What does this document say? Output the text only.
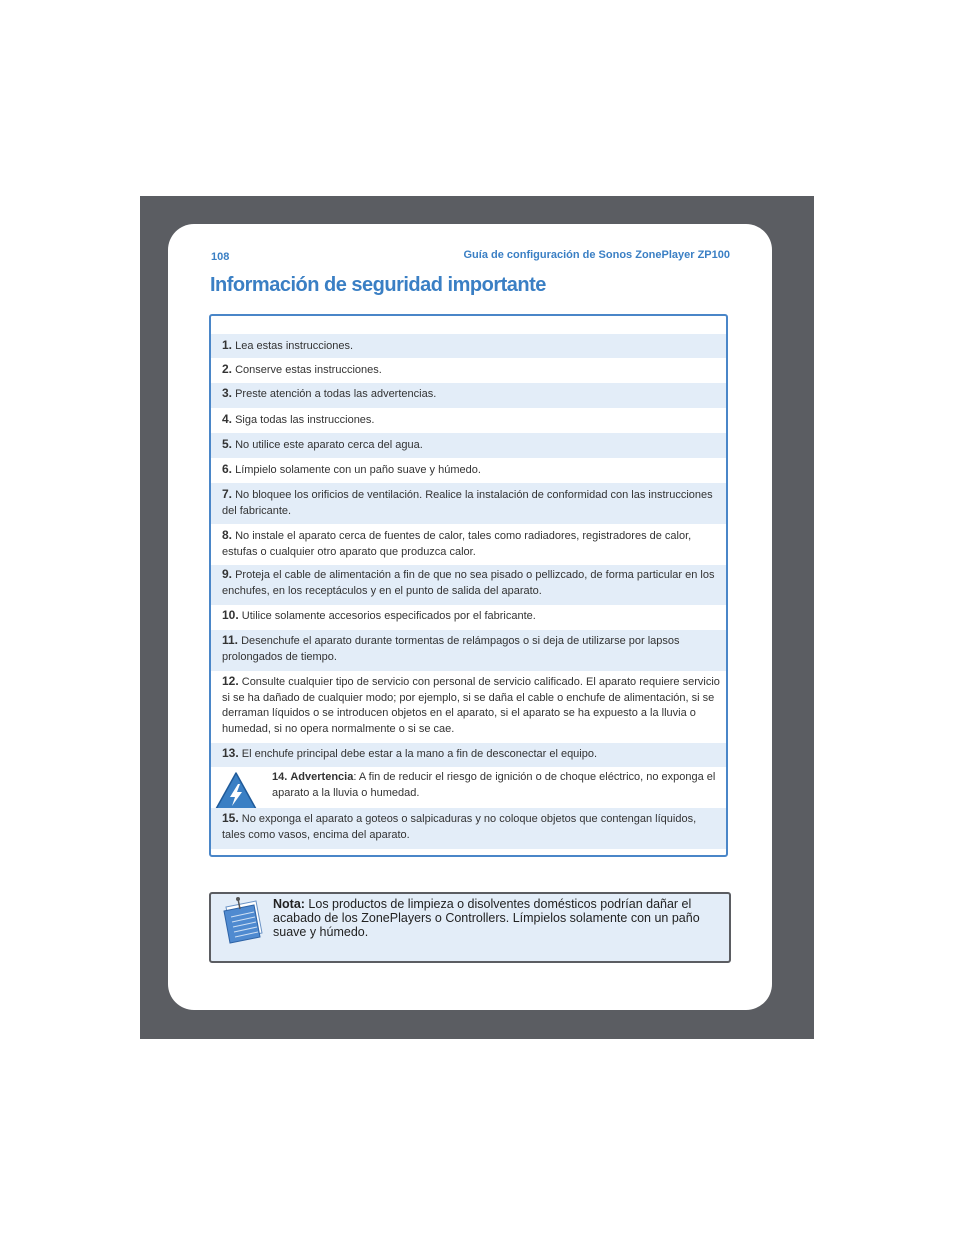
108	Guía de configuración de Sonos ZonePlayer ZP100
Información de seguridad importante
1. Lea estas instrucciones.
2. Conserve estas instrucciones.
3. Preste atención a todas las advertencias.
4. Siga todas las instrucciones.
5. No utilice este aparato cerca del agua.
6. Límpielo solamente con un paño suave y húmedo.
7. No bloquee los orificios de ventilación. Realice la instalación de conformidad con las instrucciones del fabricante.
8. No instale el aparato cerca de fuentes de calor, tales como radiadores, registradores de calor, estufas o cualquier otro aparato que produzca calor.
9. Proteja el cable de alimentación a fin de que no sea pisado o pellizcado, de forma particular en los enchufes, en los receptáculos y en el punto de salida del aparato.
10. Utilice solamente accesorios especificados por el fabricante.
11. Desenchufe el aparato durante tormentas de relámpagos o si deja de utilizarse por lapsos prolongados de tiempo.
12. Consulte cualquier tipo de servicio con personal de servicio calificado. El aparato requiere servicio si se ha dañado de cualquier modo; por ejemplo, si se daña el cable o enchufe de alimentación, si se derraman líquidos o se introducen objetos en el aparato, si el aparato se ha expuesto a la lluvia o humedad, si no opera normalmente o si se cae.
13. El enchufe principal debe estar a la mano a fin de desconectar el equipo.
14. Advertencia: A fin de reducir el riesgo de ignición o de choque eléctrico, no exponga el aparato a la lluvia o humedad.
15. No exponga el aparato a goteos o salpicaduras y no coloque objetos que contengan líquidos, tales como vasos, encima del aparato.
Nota: Los productos de limpieza o disolventes domésticos podrían dañar el acabado de los ZonePlayers o Controllers. Límpielos solamente con un paño suave y húmedo.
